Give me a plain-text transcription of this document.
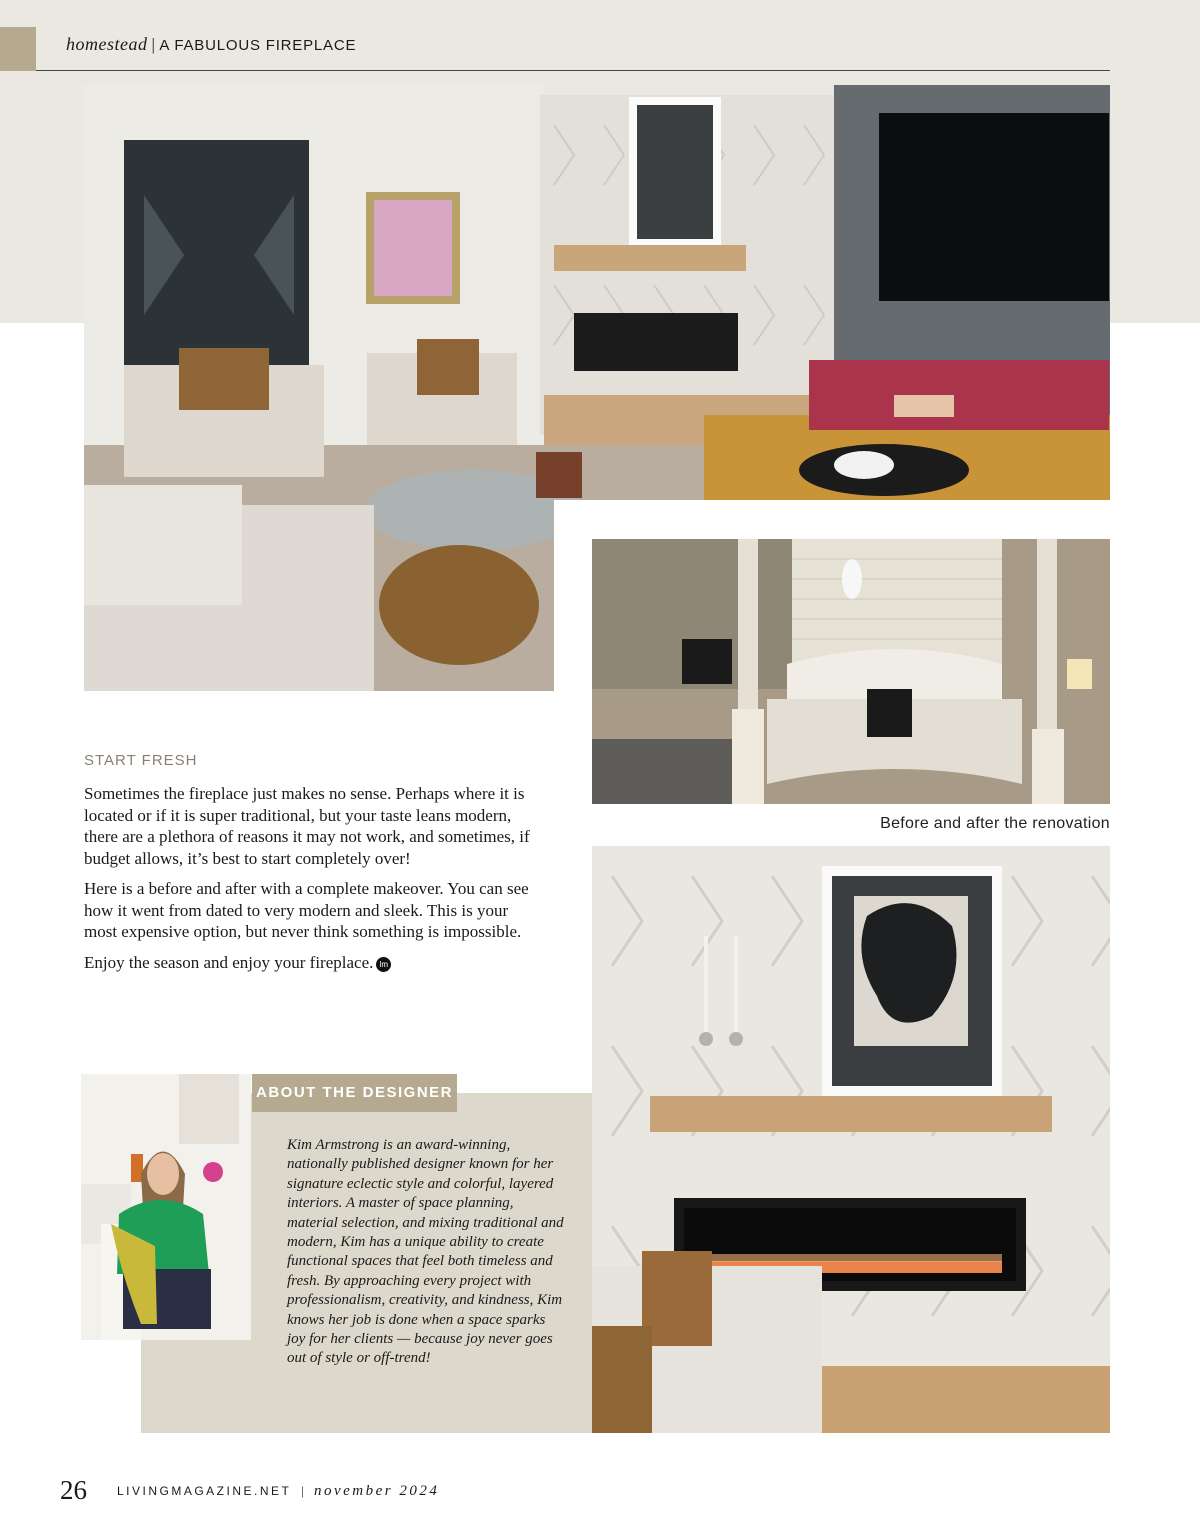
homestead | A FABULOUS FIREPLACE
Before and after the renovation
START FRESH

Sometimes the fireplace just makes no sense. Perhaps where it is located or if it is super traditional, but your taste leans modern, there are a plethora of reasons it may not work, and sometimes, if budget allows, it’s best to start completely over!

Here is a before and after with a complete makeover. You can see how it went from dated to very modern and sleek. This is your most expensive option, but never think something is impossible.

Enjoy the season and enjoy your fireplace. lm

ABOUT THE DESIGNER
Kim Armstrong is an award-winning, nationally published designer known for her signature eclectic style and colorful, layered interiors. A master of space planning, material selection, and mixing traditional and modern, Kim has a unique ability to create functional spaces that feel both timeless and fresh. By approaching every project with professionalism, creativity, and kindness, Kim knows her job is done when a space sparks joy for her clients — because joy never goes out of style or off-trend!
26	$^{LIVINGMAGAZINE.NET}$ | november 2024
